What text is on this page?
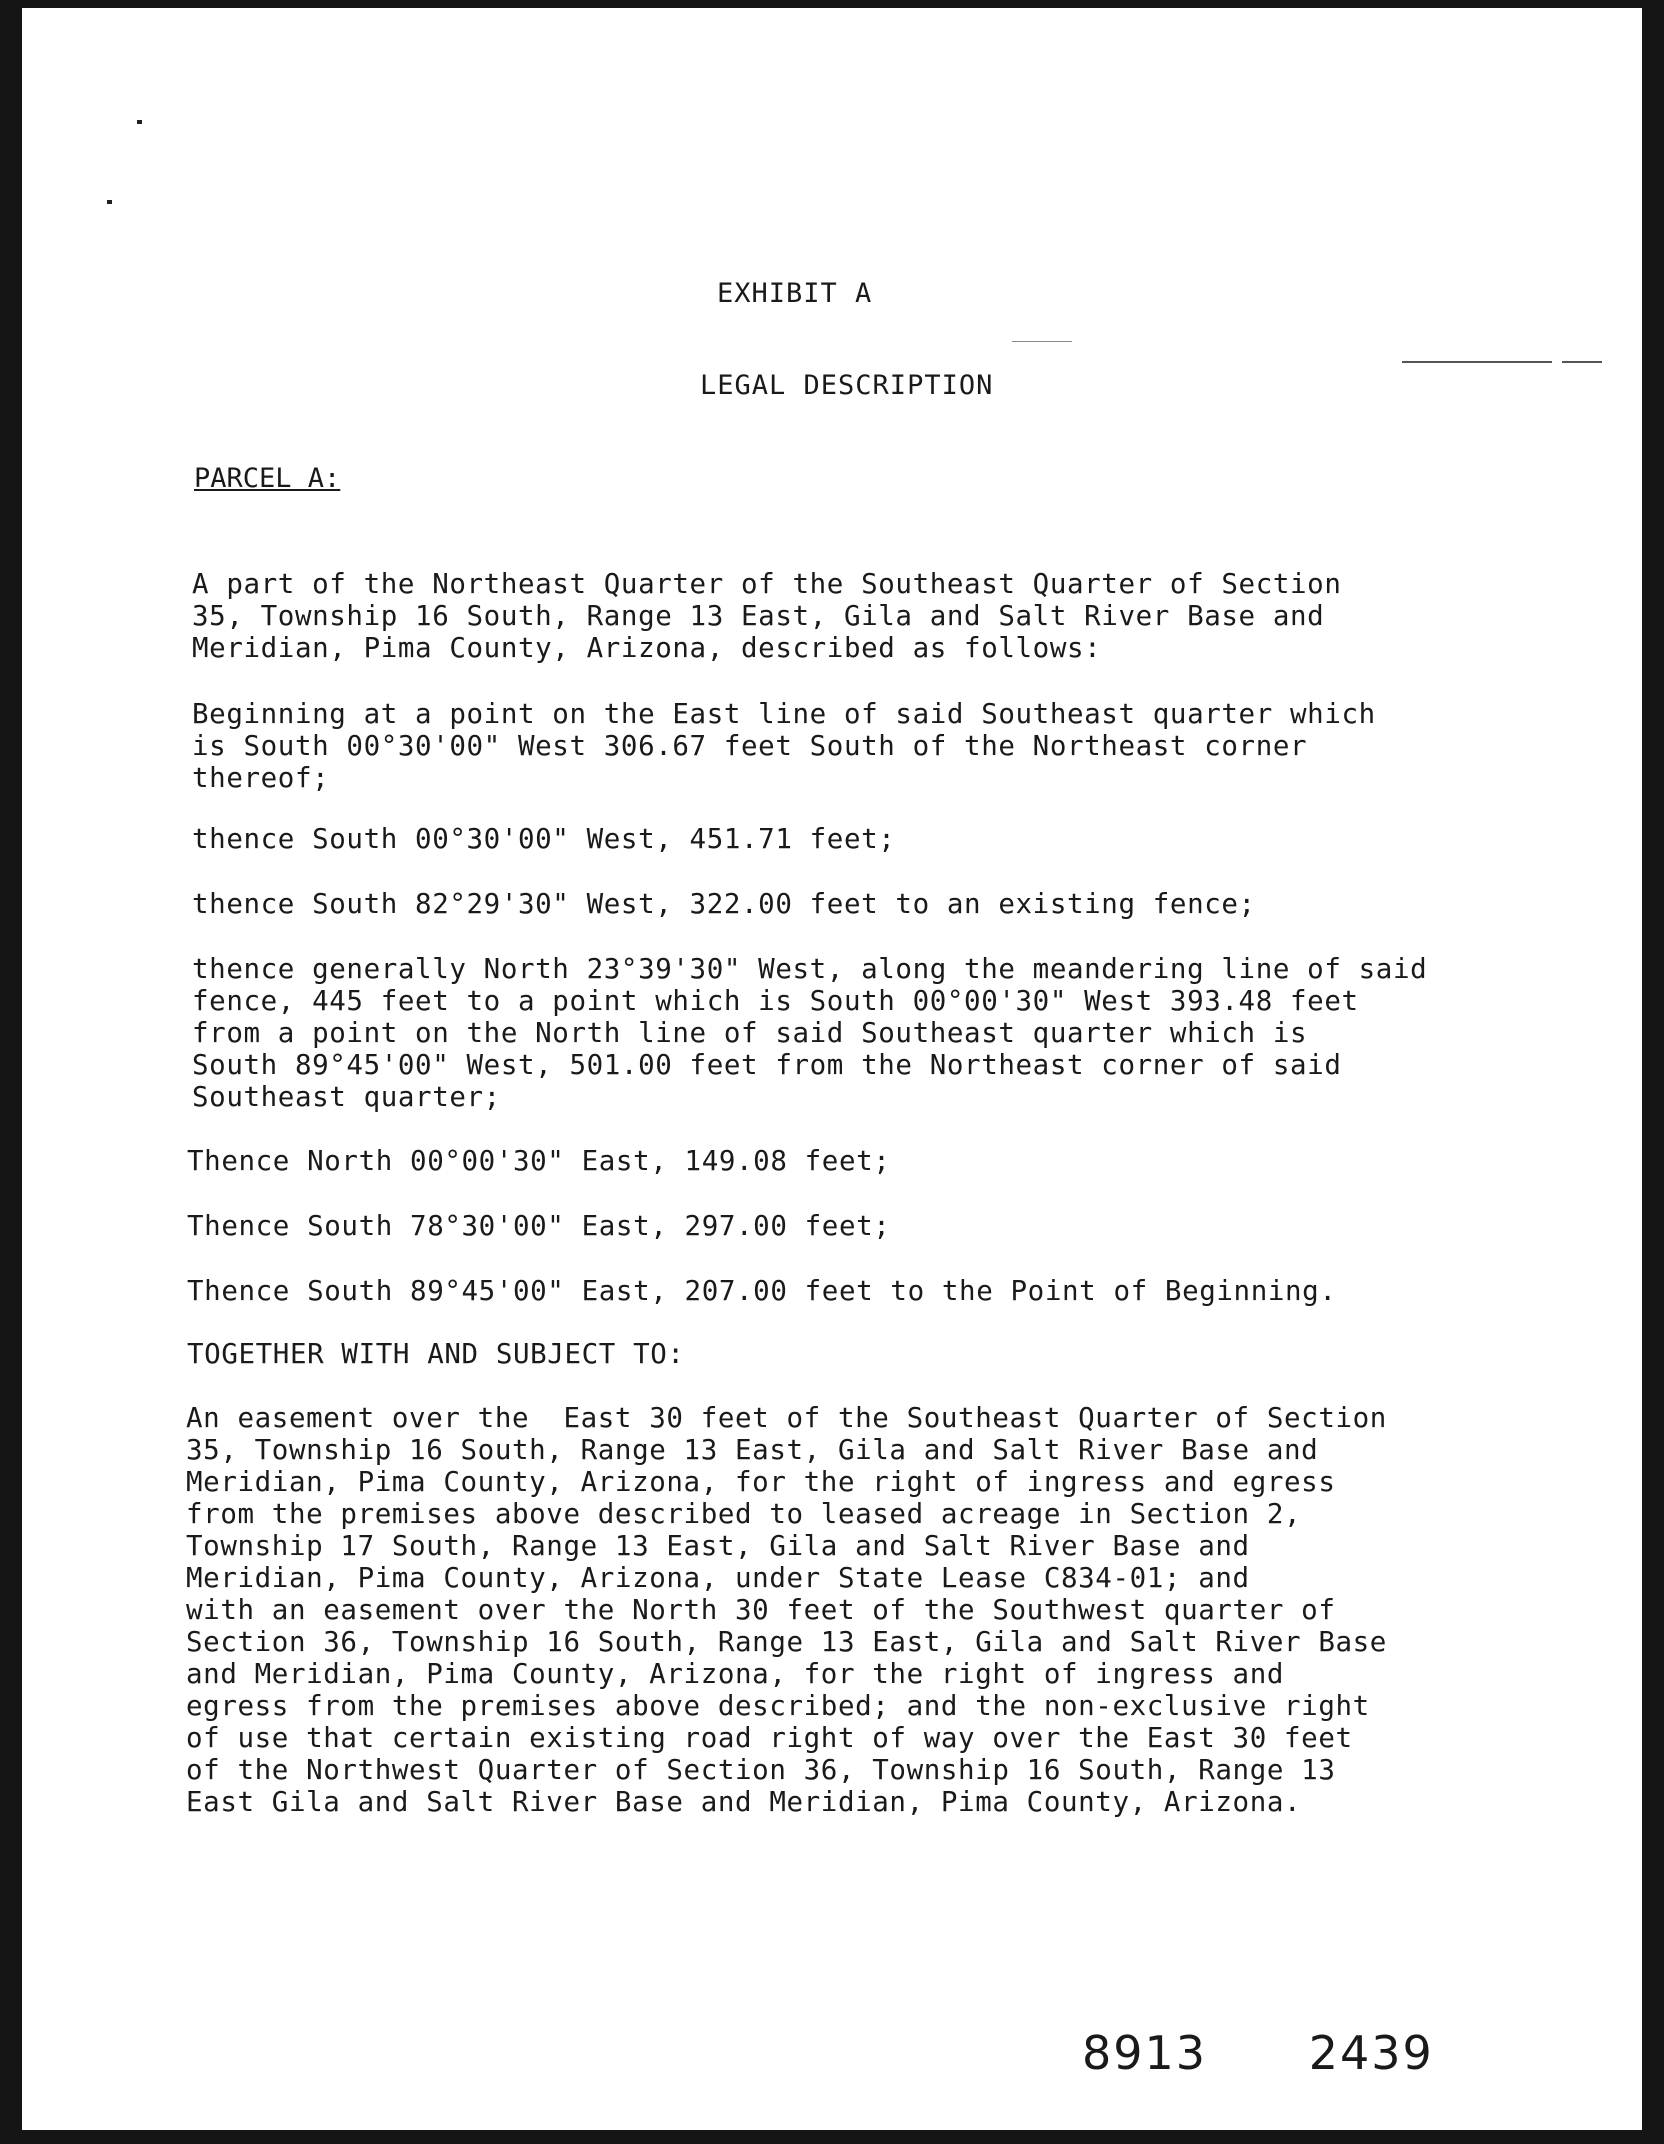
EXHIBIT A
LEGAL DESCRIPTION
PARCEL A:

A part of the Northeast Quarter of the Southeast Quarter of Section
35, Township 16 South, Range 13 East, Gila and Salt River Base and
Meridian, Pima County, Arizona, described as follows:

Beginning at a point on the East line of said Southeast quarter which
is South 00°30'00" West 306.67 feet South of the Northeast corner
thereof;

thence South 00°30'00" West, 451.71 feet;

thence South 82°29'30" West, 322.00 feet to an existing fence;

thence generally North 23°39'30" West, along the meandering line of said
fence, 445 feet to a point which is South 00°00'30" West 393.48 feet
from a point on the North line of said Southeast quarter which is
South 89°45'00" West, 501.00 feet from the Northeast corner of said
Southeast quarter;

Thence North 00°00'30" East, 149.08 feet;

Thence South 78°30'00" East, 297.00 feet;

Thence South 89°45'00" East, 207.00 feet to the Point of Beginning.

TOGETHER WITH AND SUBJECT TO:

An easement over the  East 30 feet of the Southeast Quarter of Section
35, Township 16 South, Range 13 East, Gila and Salt River Base and
Meridian, Pima County, Arizona, for the right of ingress and egress
from the premises above described to leased acreage in Section 2,
Township 17 South, Range 13 East, Gila and Salt River Base and
Meridian, Pima County, Arizona, under State Lease C834-01; and
with an easement over the North 30 feet of the Southwest quarter of
Section 36, Township 16 South, Range 13 East, Gila and Salt River Base
and Meridian, Pima County, Arizona, for the right of ingress and
egress from the premises above described; and the non-exclusive right
of use that certain existing road right of way over the East 30 feet
of the Northwest Quarter of Section 36, Township 16 South, Range 13
East Gila and Salt River Base and Meridian, Pima County, Arizona.

8913 2439
